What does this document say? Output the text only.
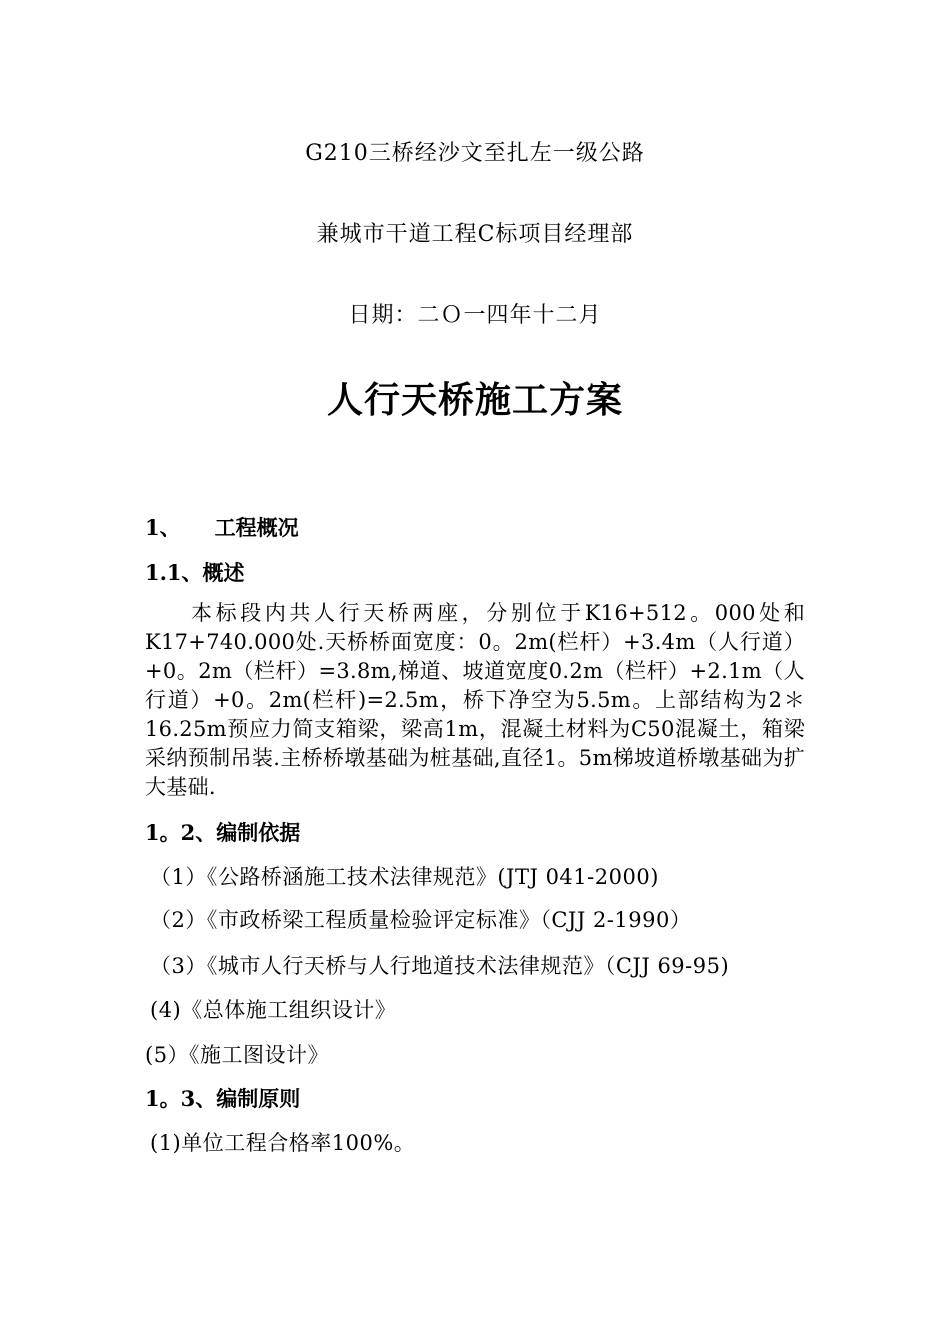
G210三桥经沙文至扎左一级公路
兼城市干道工程C标项目经理部
日期：二Ｏ一四年十二月
人行天桥施工方案
1、 工程概况
1.1、概述
本标段内共人行天桥两座，分别位于K16+512。000处和K17+740.000处.天桥桥面宽度：0。2m(栏杆）+3.4m（人行道）+0。2m（栏杆）=3.8m,梯道、坡道宽度0.2m（栏杆）+2.1m（人行道）+0。2m(栏杆)=2.5m，桥下净空为5.5m。上部结构为2＊16.25m预应力简支箱梁，梁高1m，混凝土材料为C50混凝土，箱梁采纳预制吊装.主桥桥墩基础为桩基础,直径1。5m梯坡道桥墩基础为扩大基础.
1。2、编制依据
（1）《公路桥涵施工技术法律规范》(JTJ 041-2000)
（2）《市政桥梁工程质量检验评定标准》（CJJ 2-1990）
（3）《城市人行天桥与人行地道技术法律规范》（CJJ 69-95)
(4)《总体施工组织设计》
(5）《施工图设计》
1。3、编制原则
(1)单位工程合格率100%。
